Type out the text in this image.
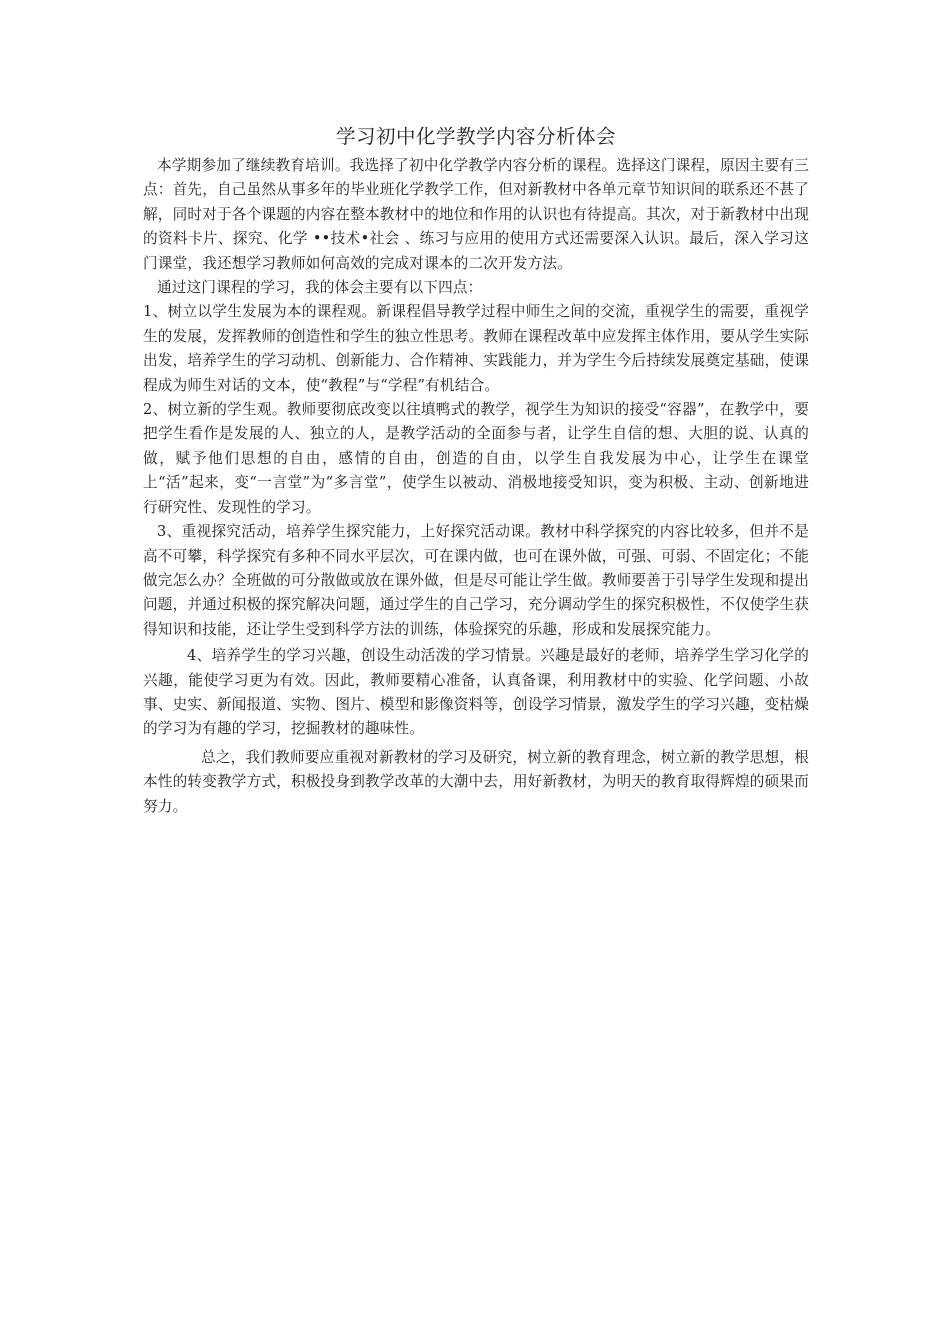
学习初中化学教学内容分析体会

本学期参加了继续教育培训。我选择了初中化学教学内容分析的课程。选择这门课程，原因主要有三点：首先，自己虽然从事多年的毕业班化学教学工作，但对新教材中各单元章节知识间的联系还不甚了解，同时对于各个课题的内容在整本教材中的地位和作用的认识也有待提高。其次，对于新教材中出现的资料卡片、探究、化学 ••技术•社会 、练习与应用的使用方式还需要深入认识。最后，深入学习这门课堂，我还想学习教师如何高效的完成对课本的二次开发方法。

通过这门课程的学习，我的体会主要有以下四点：

1、树立以学生发展为本的课程观。新课程倡导教学过程中师生之间的交流，重视学生的需要，重视学生的发展，发挥教师的创造性和学生的独立性思考。教师在课程改革中应发挥主体作用，要从学生实际出发，培养学生的学习动机、创新能力、合作精神、实践能力，并为学生今后持续发展奠定基础，使课程成为师生对话的文本，使“教程”与“学程”有机结合。

2、树立新的学生观。教师要彻底改变以往填鸭式的教学，视学生为知识的接受“容器”，在教学中，要把学生看作是发展的人、独立的人，是教学活动的全面参与者，让学生自信的想、大胆的说、认真的做，赋予他们思想的自由，感情的自由，创造的自由，以学生自我发展为中心，让学生在课堂上“活”起来，变“一言堂”为“多言堂”，使学生以被动、消极地接受知识，变为积极、主动、创新地进行研究性、发现性的学习。

3、重视探究活动，培养学生探究能力，上好探究活动课。教材中科学探究的内容比较多，但并不是高不可攀，科学探究有多种不同水平层次，可在课内做，也可在课外做，可强、可弱、不固定化；不能做完怎么办？全班做的可分散做或放在课外做，但是尽可能让学生做。教师要善于引导学生发现和提出问题，并通过积极的探究解决问题，通过学生的自己学习，充分调动学生的探究积极性，不仅使学生获得知识和技能，还让学生受到科学方法的训练，体验探究的乐趣，形成和发展探究能力。

4、培养学生的学习兴趣，创设生动活泼的学习情景。兴趣是最好的老师，培养学生学习化学的兴趣，能使学习更为有效。因此，教师要精心准备，认真备课，利用教材中的实验、化学问题、小故事、史实、新闻报道、实物、图片、模型和影像资料等，创设学习情景，激发学生的学习兴趣，变枯燥的学习为有趣的学习，挖掘教材的趣味性。

总之，我们教师要应重视对新教材的学习及研究，树立新的教育理念，树立新的教学思想，根本性的转变教学方式，积极投身到教学改革的大潮中去，用好新教材，为明天的教育取得辉煌的硕果而努力。
